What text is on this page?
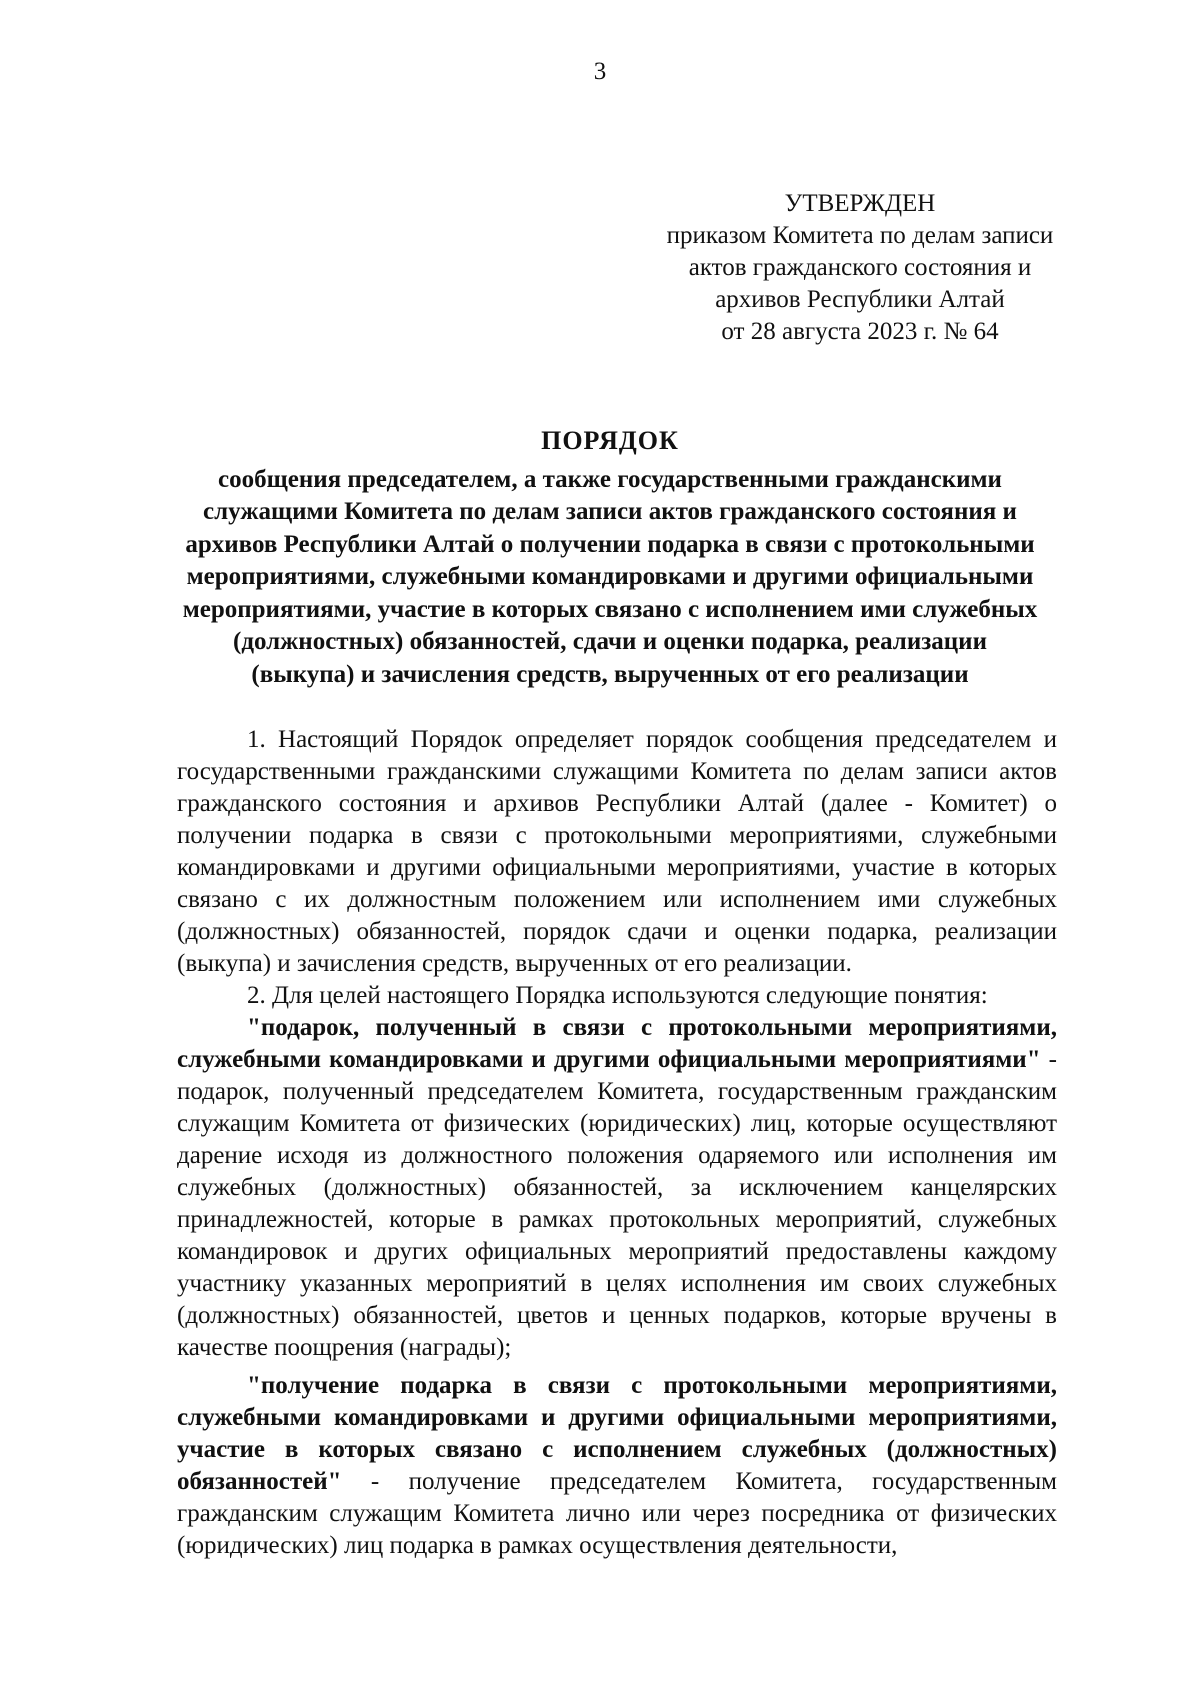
3
УТВЕРЖДЕН
приказом Комитета по делам записи
актов гражданского состояния и
архивов Республики Алтай
от 28 августа 2023 г. № 64
ПОРЯДОК
сообщения председателем, а также государственными гражданскими
служащими Комитета по делам записи актов гражданского состояния и
архивов Республики Алтай о получении подарка в связи с протокольными
мероприятиями, служебными командировками и другими официальными
мероприятиями, участие в которых связано с исполнением ими служебных
(должностных) обязанностей, сдачи и оценки подарка, реализации
(выкупа) и зачисления средств, вырученных от его реализации

1. Настоящий Порядок определяет порядок сообщения председателем и государственными гражданскими служащими Комитета по делам записи актов гражданского состояния и архивов Республики Алтай (далее - Комитет) о получении подарка в связи с протокольными мероприятиями, служебными командировками и другими официальными мероприятиями, участие в которых связано с их должностным положением или исполнением ими служебных (должностных) обязанностей, порядок сдачи и оценки подарка, реализации (выкупа) и зачисления средств, вырученных от его реализации.

2. Для целей настоящего Порядка используются следующие понятия:

"подарок, полученный в связи с протокольными мероприятиями, служебными командировками и другими официальными мероприятиями" - подарок, полученный председателем Комитета, государственным гражданским служащим Комитета от физических (юридических) лиц, которые осуществляют дарение исходя из должностного положения одаряемого или исполнения им служебных (должностных) обязанностей, за исключением канцелярских принадлежностей, которые в рамках протокольных мероприятий, служебных командировок и других официальных мероприятий предоставлены каждому участнику указанных мероприятий в целях исполнения им своих служебных (должностных) обязанностей, цветов и ценных подарков, которые вручены в качестве поощрения (награды);

"получение подарка в связи с протокольными мероприятиями, служебными командировками и другими официальными мероприятиями, участие в которых связано с исполнением служебных (должностных) обязанностей" - получение председателем Комитета, государственным гражданским служащим Комитета лично или через посредника от физических (юридических) лиц подарка в рамках осуществления деятельности,
